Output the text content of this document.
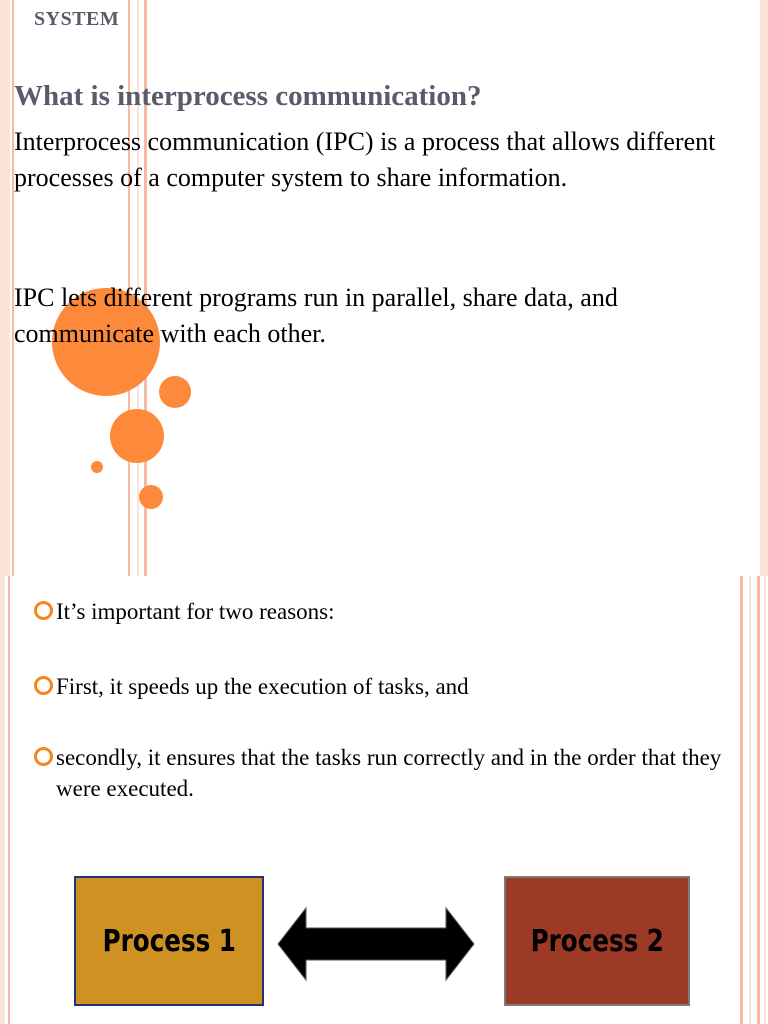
SYSTEM
What is interprocess communication?
Interprocess communication (IPC) is a process that allows different processes of a computer system to share information.
IPC lets different programs run in parallel, share data, and communicate with each other.
It’s important for two reasons:
First, it speeds up the execution of tasks, and
secondly, it ensures that the tasks run correctly and in the order that they were executed.
Process 1	Process 2
